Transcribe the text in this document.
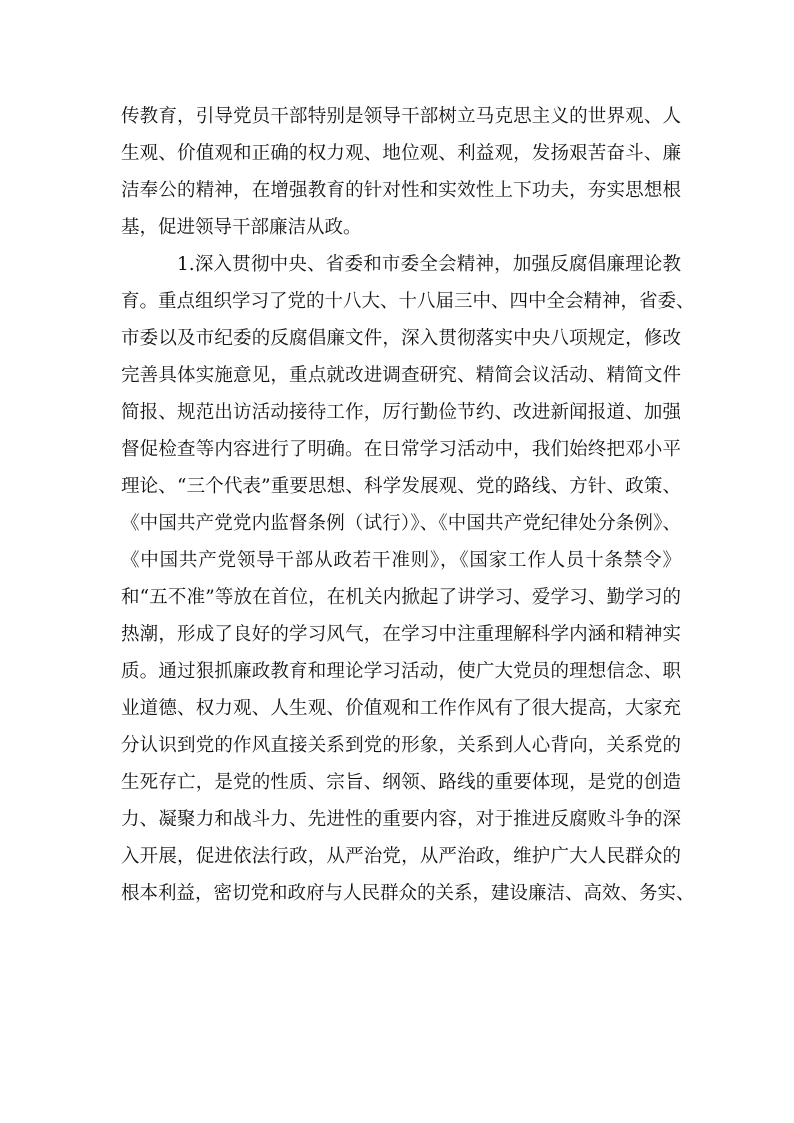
传教育，引导党员干部特别是领导干部树立马克思主义的世界观、人
生观、价值观和正确的权力观、地位观、利益观，发扬艰苦奋斗、廉
洁奉公的精神，在增强教育的针对性和实效性上下功夫，夯实思想根
基，促进领导干部廉洁从政。
1.深入贯彻中央、省委和市委全会精神，加强反腐倡廉理论教
育。重点组织学习了党的十八大、十八届三中、四中全会精神，省委、
市委以及市纪委的反腐倡廉文件，深入贯彻落实中央八项规定，修改
完善具体实施意见，重点就改进调查研究、精简会议活动、精简文件
简报、规范出访活动接待工作，厉行勤俭节约、改进新闻报道、加强
督促检查等内容进行了明确。在日常学习活动中，我们始终把邓小平
理论、“三个代表”重要思想、科学发展观、党的路线、方针、政策、
《中国共产党党内监督条例（试行）》、《中国共产党纪律处分条例》、
《中国共产党领导干部从政若干准则》，《国家工作人员十条禁令》
和“五不准”等放在首位，在机关内掀起了讲学习、爱学习、勤学习的
热潮，形成了良好的学习风气，在学习中注重理解科学内涵和精神实
质。通过狠抓廉政教育和理论学习活动，使广大党员的理想信念、职
业道德、权力观、人生观、价值观和工作作风有了很大提高，大家充
分认识到党的作风直接关系到党的形象，关系到人心背向，关系党的
生死存亡，是党的性质、宗旨、纲领、路线的重要体现，是党的创造
力、凝聚力和战斗力、先进性的重要内容，对于推进反腐败斗争的深
入开展，促进依法行政，从严治党，从严治政，维护广大人民群众的
根本利益，密切党和政府与人民群众的关系，建设廉洁、高效、务实、
